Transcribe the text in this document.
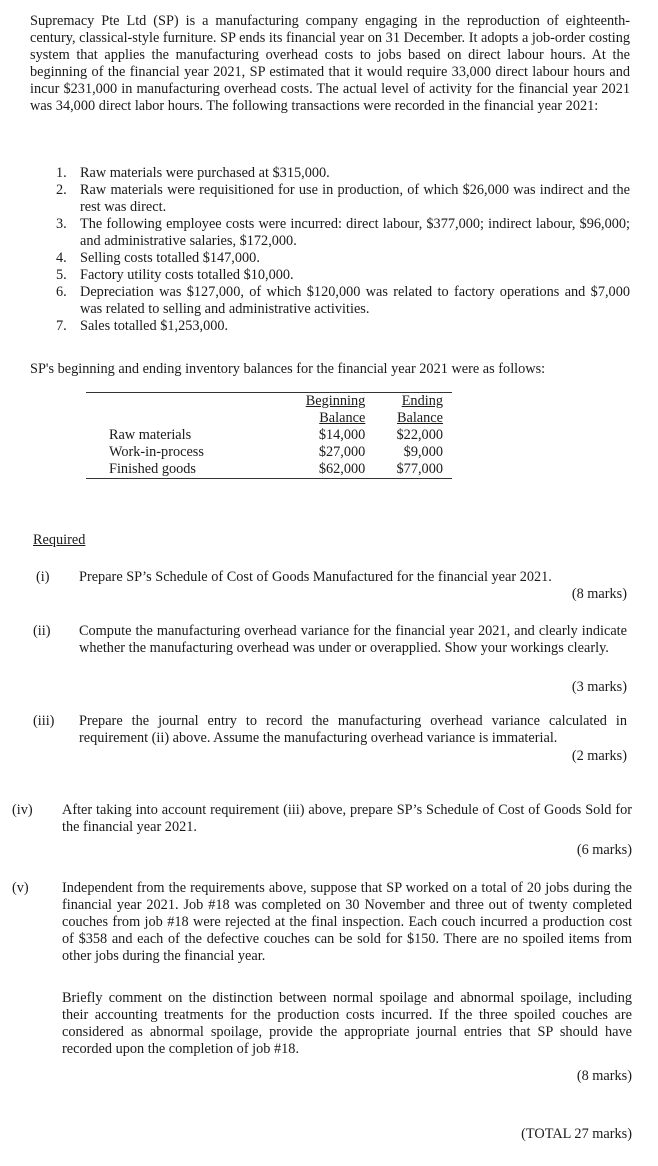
Supremacy Pte Ltd (SP) is a manufacturing company engaging in the reproduction of eighteenth-century, classical-style furniture. SP ends its financial year on 31 December. It adopts a job-order costing system that applies the manufacturing overhead costs to jobs based on direct labour hours. At the beginning of the financial year 2021, SP estimated that it would require 33,000 direct labour hours and incur $231,000 in manufacturing overhead costs. The actual level of activity for the financial year 2021 was 34,000 direct labor hours. The following transactions were recorded in the financial year 2021:
1. Raw materials were purchased at $315,000.
2. Raw materials were requisitioned for use in production, of which $26,000 was indirect and the rest was direct.
3. The following employee costs were incurred: direct labour, $377,000; indirect labour, $96,000; and administrative salaries, $172,000.
4. Selling costs totalled $147,000.
5. Factory utility costs totalled $10,000.
6. Depreciation was $127,000, of which $120,000 was related to factory operations and $7,000 was related to selling and administrative activities.
7. Sales totalled $1,253,000.
SP's beginning and ending inventory balances for the financial year 2021 were as follows:
	Beginning	Ending
	Balance	Balance
Raw materials	$14,000	$22,000
Work-in-process	$27,000	$9,000
Finished goods	$62,000	$77,000
Required
(i) Prepare SP’s Schedule of Cost of Goods Manufactured for the financial year 2021.
(8 marks)
(ii) Compute the manufacturing overhead variance for the financial year 2021, and clearly indicate whether the manufacturing overhead was under or overapplied. Show your workings clearly.
(3 marks)
(iii) Prepare the journal entry to record the manufacturing overhead variance calculated in requirement (ii) above. Assume the manufacturing overhead variance is immaterial.
(2 marks)
(iv) After taking into account requirement (iii) above, prepare SP’s Schedule of Cost of Goods Sold for the financial year 2021.
(6 marks)
(v) Independent from the requirements above, suppose that SP worked on a total of 20 jobs during the financial year 2021. Job #18 was completed on 30 November and three out of twenty completed couches from job #18 were rejected at the final inspection. Each couch incurred a production cost of $358 and each of the defective couches can be sold for $150. There are no spoiled items from other jobs during the financial year.
Briefly comment on the distinction between normal spoilage and abnormal spoilage, including their accounting treatments for the production costs incurred. If the three spoiled couches are considered as abnormal spoilage, provide the appropriate journal entries that SP should have recorded upon the completion of job #18.
(8 marks)
(TOTAL 27 marks)
